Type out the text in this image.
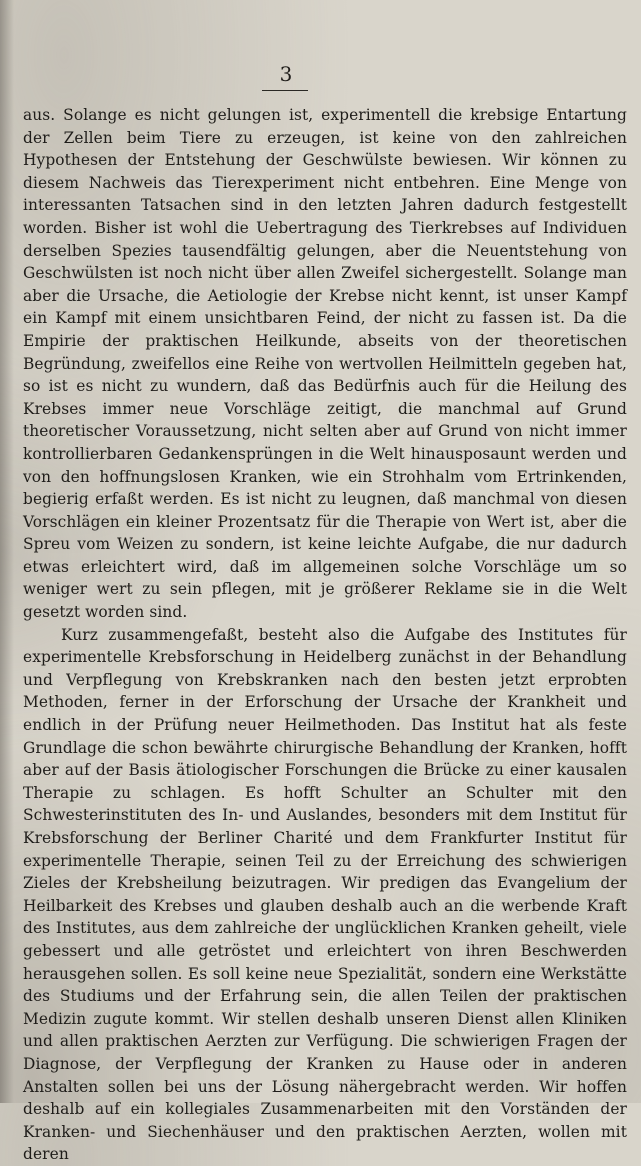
3

aus. Solange es nicht gelungen ist, experimentell die krebsige Entartung der Zellen beim Tiere zu erzeugen, ist keine von den zahlreichen Hypothesen der Entstehung der Geschwülste bewiesen. Wir können zu diesem Nachweis das Tierexperiment nicht entbehren. Eine Menge von interessanten Tatsachen sind in den letzten Jahren dadurch festgestellt worden. Bisher ist wohl die Uebertragung des Tierkrebses auf Individuen derselben Spezies tausendfältig gelungen, aber die Neuentstehung von Geschwülsten ist noch nicht über allen Zweifel sichergestellt. Solange man aber die Ursache, die Aetiologie der Krebse nicht kennt, ist unser Kampf ein Kampf mit einem unsichtbaren Feind, der nicht zu fassen ist. Da die Empirie der praktischen Heilkunde, abseits von der theoretischen Begründung, zweifellos eine Reihe von wertvollen Heilmitteln gegeben hat, so ist es nicht zu wundern, daß das Bedürfnis auch für die Heilung des Krebses immer neue Vorschläge zeitigt, die manchmal auf Grund theoretischer Voraussetzung, nicht selten aber auf Grund von nicht immer kontrollierbaren Gedankensprüngen in die Welt hinausposaunt werden und von den hoffnungslosen Kranken, wie ein Strohhalm vom Ertrinkenden, begierig erfaßt werden. Es ist nicht zu leugnen, daß manchmal von diesen Vorschlägen ein kleiner Prozentsatz für die Therapie von Wert ist, aber die Spreu vom Weizen zu sondern, ist keine leichte Aufgabe, die nur dadurch etwas erleichtert wird, daß im allgemeinen solche Vorschläge um so weniger wert zu sein pflegen, mit je größerer Reklame sie in die Welt gesetzt worden sind.

Kurz zusammengefaßt, besteht also die Aufgabe des Institutes für experimentelle Krebsforschung in Heidelberg zunächst in der Behandlung und Verpflegung von Krebskranken nach den besten jetzt erprobten Methoden, ferner in der Erforschung der Ursache der Krankheit und endlich in der Prüfung neuer Heilmethoden. Das Institut hat als feste Grundlage die schon bewährte chirurgische Behandlung der Kranken, hofft aber auf der Basis ätiologischer Forschungen die Brücke zu einer kausalen Therapie zu schlagen. Es hofft Schulter an Schulter mit den Schwesterinstituten des In- und Auslandes, besonders mit dem Institut für Krebsforschung der Berliner Charité und dem Frankfurter Institut für experimentelle Therapie, seinen Teil zu der Erreichung des schwierigen Zieles der Krebsheilung beizutragen. Wir predigen das Evangelium der Heilbarkeit des Krebses und glauben deshalb auch an die werbende Kraft des Institutes, aus dem zahlreiche der unglücklichen Kranken geheilt, viele gebessert und alle getröstet und erleichtert von ihren Beschwerden herausgehen sollen. Es soll keine neue Spezialität, sondern eine Werkstätte des Studiums und der Erfahrung sein, die allen Teilen der praktischen Medizin zugute kommt. Wir stellen deshalb unseren Dienst allen Kliniken und allen praktischen Aerzten zur Verfügung. Die schwierigen Fragen der Diagnose, der Verpflegung der Kranken zu Hause oder in anderen Anstalten sollen bei uns der Lösung nähergebracht werden. Wir hoffen deshalb auf ein kollegiales Zusammenarbeiten mit den Vorständen der Kranken- und Siechenhäuser und den praktischen Aerzten, wollen mit deren
